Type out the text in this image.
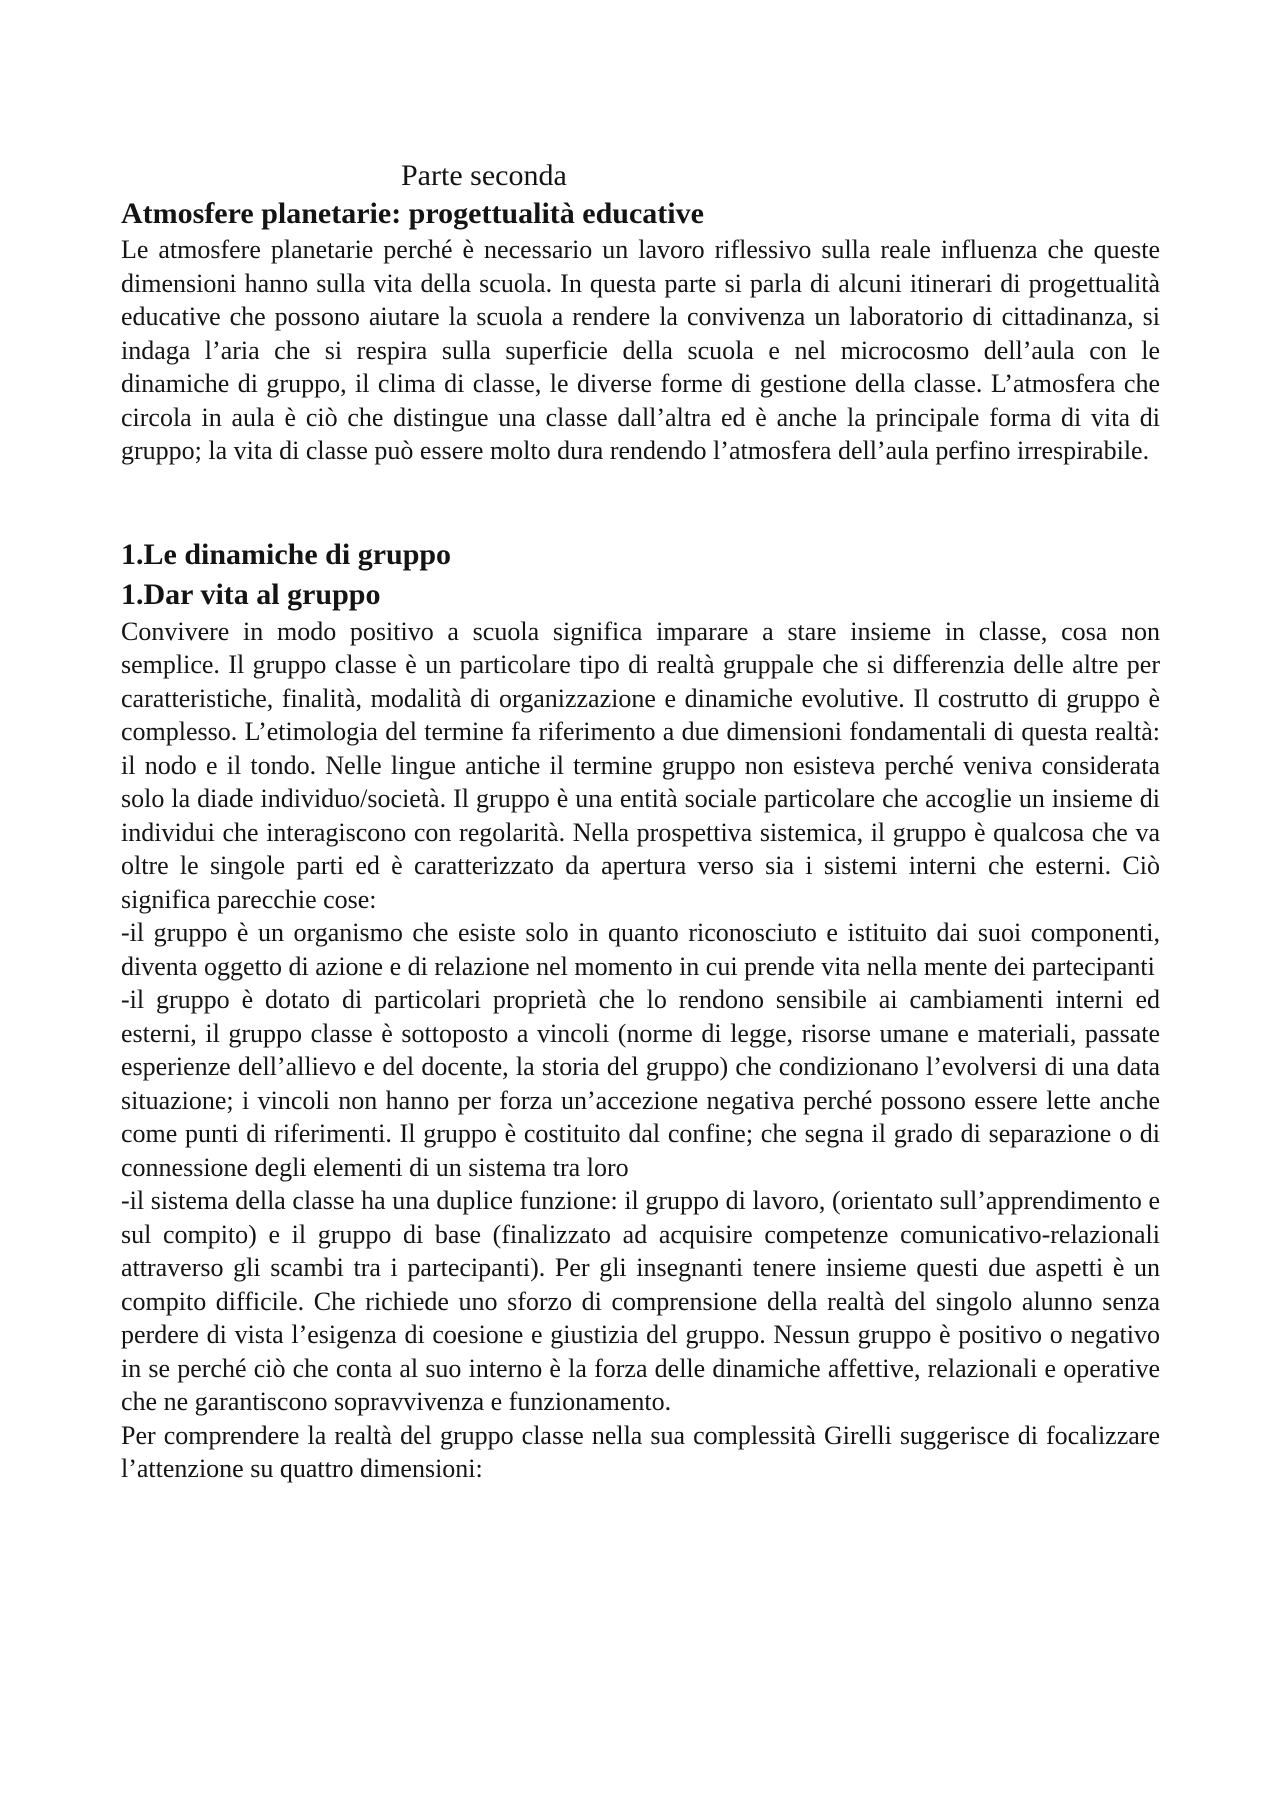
Parte seconda
Atmosfere planetarie: progettualità educative

Le atmosfere planetarie perché è necessario un lavoro riflessivo sulla reale influenza che queste dimensioni hanno sulla vita della scuola. In questa parte si parla di alcuni itinerari di progettualità educative che possono aiutare la scuola a rendere la convivenza un laboratorio di cittadinanza, si indaga l’aria che si respira sulla superficie della scuola e nel microcosmo dell’aula con le dinamiche di gruppo, il clima di classe, le diverse forme di gestione della classe. L’atmosfera che circola in aula è ciò che distingue una classe dall’altra ed è anche la principale forma di vita di gruppo; la vita di classe può essere molto dura rendendo l’atmosfera dell’aula perfino irrespirabile.

1.Le dinamiche di gruppo
1.Dar vita al gruppo

Convivere in modo positivo a scuola significa imparare a stare insieme in classe, cosa non semplice. Il gruppo classe è un particolare tipo di realtà gruppale che si differenzia delle altre per caratteristiche, finalità, modalità di organizzazione e dinamiche evolutive. Il costrutto di gruppo è complesso. L’etimologia del termine fa riferimento a due dimensioni fondamentali di questa realtà: il nodo e il tondo. Nelle lingue antiche il termine gruppo non esisteva perché veniva considerata solo la diade individuo/società. Il gruppo è una entità sociale particolare che accoglie un insieme di individui che interagiscono con regolarità. Nella prospettiva sistemica, il gruppo è qualcosa che va oltre le singole parti ed è caratterizzato da apertura verso sia i sistemi interni che esterni. Ciò significa parecchie cose:

-il gruppo è un organismo che esiste solo in quanto riconosciuto e istituito dai suoi componenti, diventa oggetto di azione e di relazione nel momento in cui prende vita nella mente dei partecipanti

-il gruppo è dotato di particolari proprietà che lo rendono sensibile ai cambiamenti interni ed esterni, il gruppo classe è sottoposto a vincoli (norme di legge, risorse umane e materiali, passate esperienze dell’allievo e del docente, la storia del gruppo) che condizionano l’evolversi di una data situazione; i vincoli non hanno per forza un’accezione negativa perché possono essere lette anche come punti di riferimenti. Il gruppo è costituito dal confine; che segna il grado di separazione o di connessione degli elementi di un sistema tra loro

-il sistema della classe ha una duplice funzione: il gruppo di lavoro, (orientato sull’apprendimento e sul compito) e il gruppo di base (finalizzato ad acquisire competenze comunicativo-relazionali attraverso gli scambi tra i partecipanti). Per gli insegnanti tenere insieme questi due aspetti è un compito difficile. Che richiede uno sforzo di comprensione della realtà del singolo alunno senza perdere di vista l’esigenza di coesione e giustizia del gruppo. Nessun gruppo è positivo o negativo in se perché ciò che conta al suo interno è la forza delle dinamiche affettive, relazionali e operative che ne garantiscono sopravvivenza e funzionamento.

Per comprendere la realtà del gruppo classe nella sua complessità Girelli suggerisce di focalizzare l’attenzione su quattro dimensioni:
